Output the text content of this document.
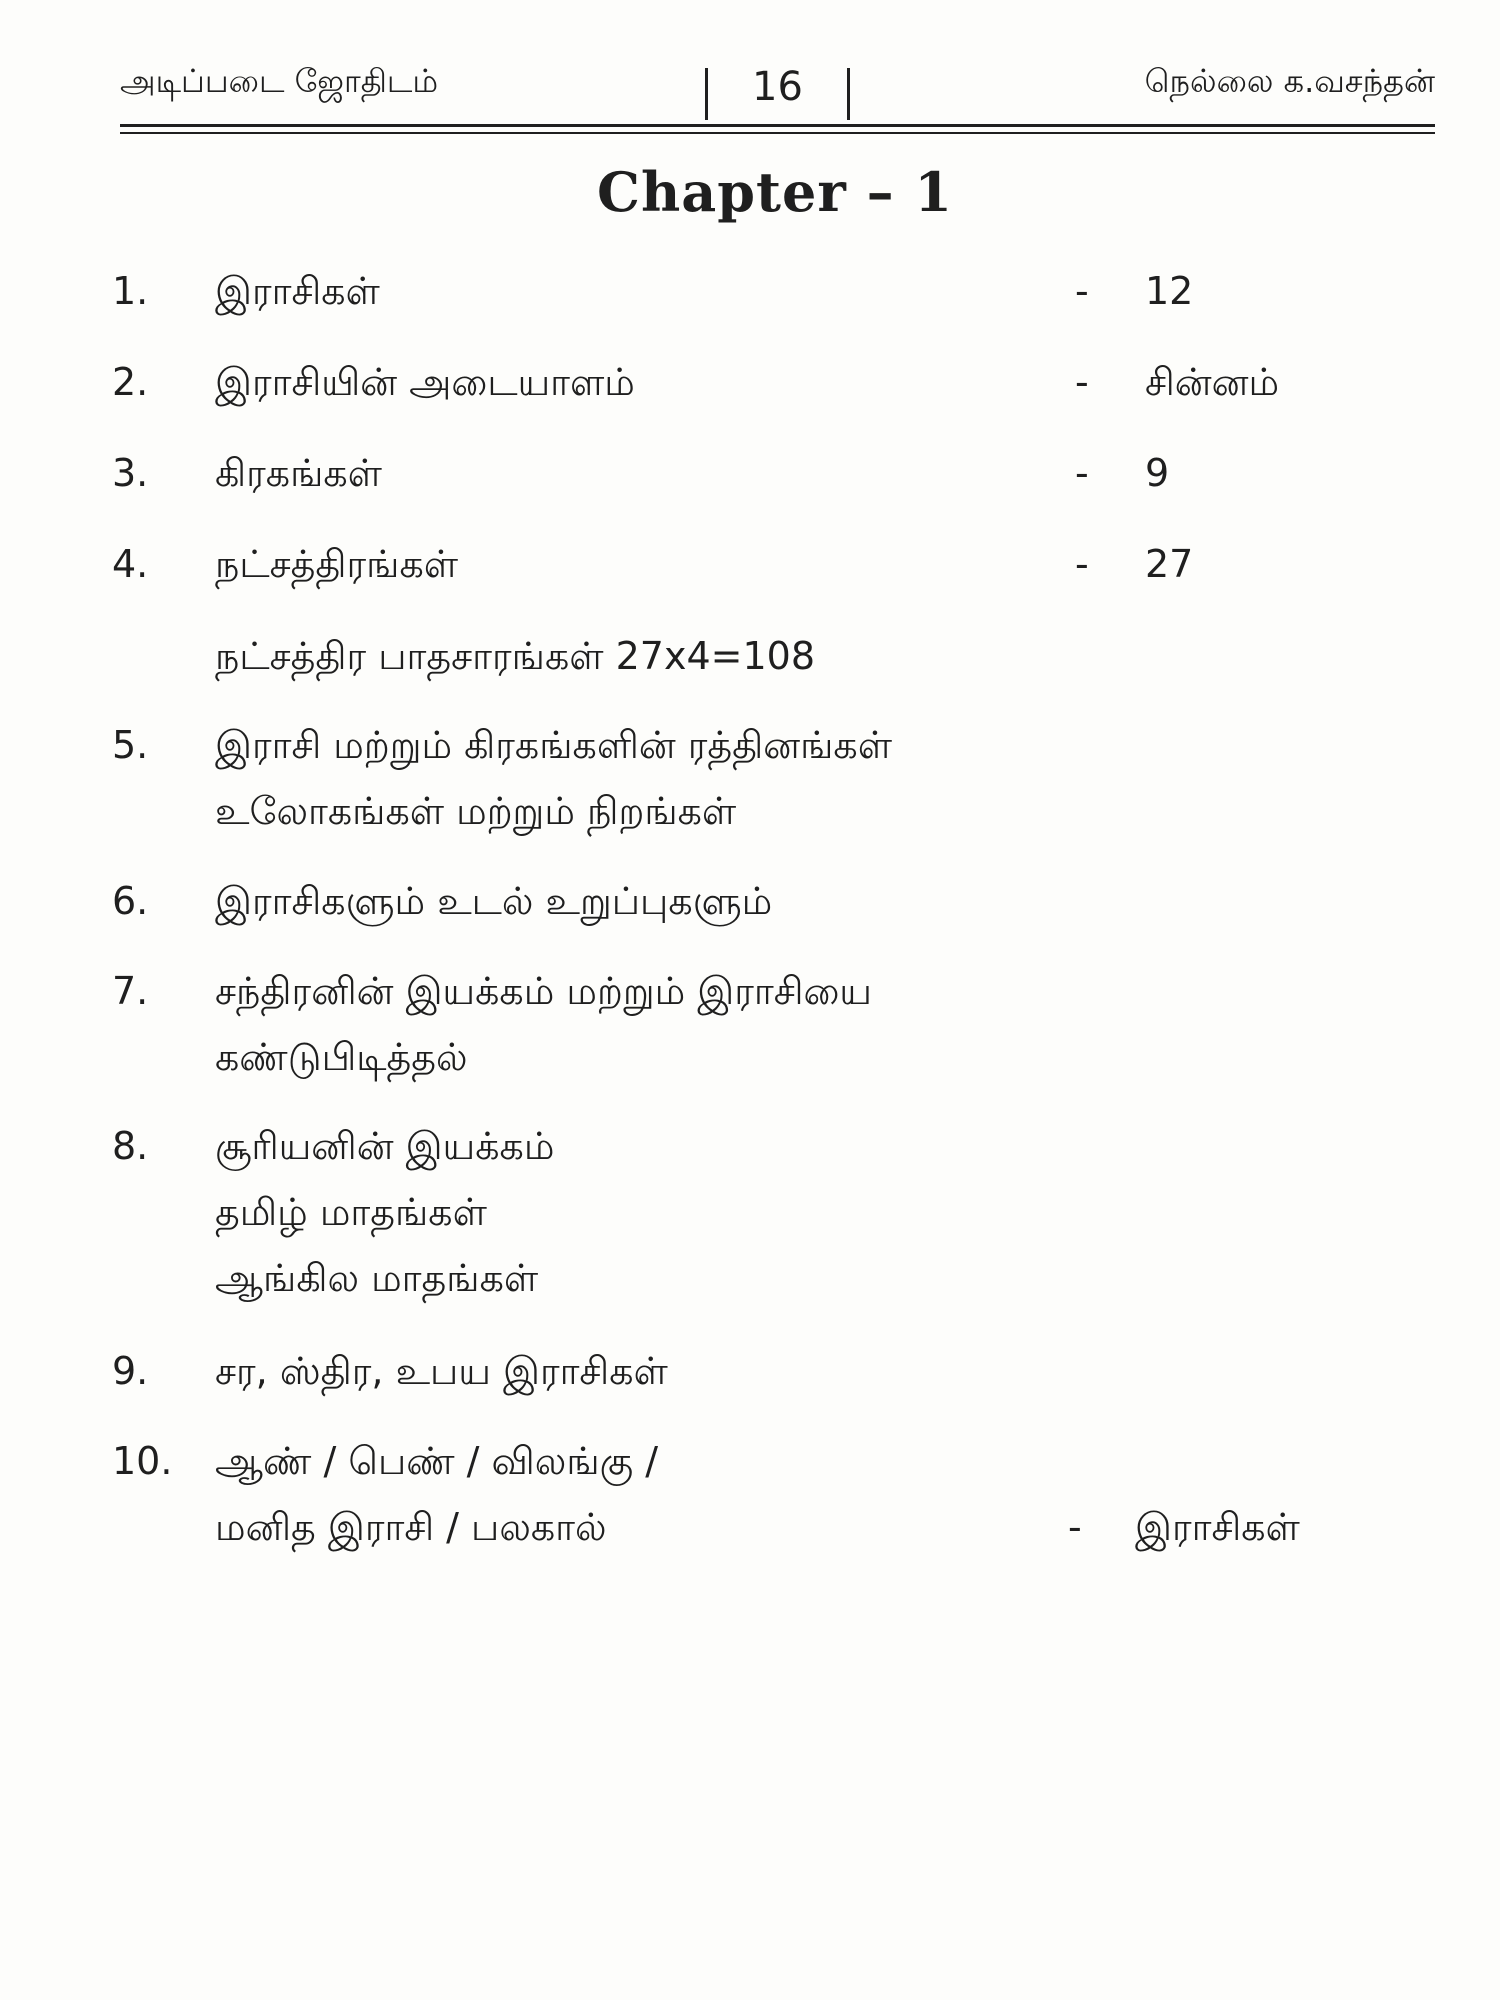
அடிப்படை ஜோதிடம்	16	நெல்லை க.வசந்தன்
Chapter – 1
1. இராசிகள்	- 12
2. இராசியின் அடையாளம்	- சின்னம்
3. கிரகங்கள்	- 9
4. நட்சத்திரங்கள்	- 27
நட்சத்திர பாதசாரங்கள் 27x4=108
5. இராசி மற்றும் கிரகங்களின் ரத்தினங்கள்
உலோகங்கள் மற்றும் நிறங்கள்
6. இராசிகளும் உடல் உறுப்புகளும்
7. சந்திரனின் இயக்கம் மற்றும் இராசியை
கண்டுபிடித்தல்
8. சூரியனின் இயக்கம்
தமிழ் மாதங்கள்
ஆங்கில மாதங்கள்
9. சர, ஸ்திர, உபய இராசிகள்
10. ஆண் / பெண் / விலங்கு /
மனித இராசி / பலகால்	- இராசிகள்
